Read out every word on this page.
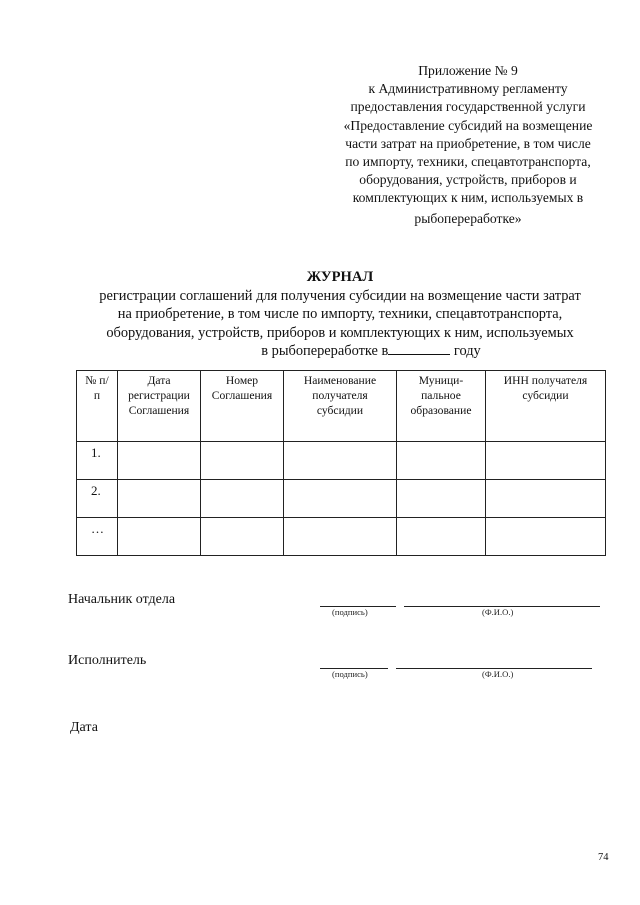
Приложение № 9
к Административному регламенту
предоставления государственной услуги
«Предоставление субсидий на возмещение
части затрат на приобретение, в том числе
по импорту, техники, спецавтотранспорта,
оборудования, устройств, приборов и
комплектующих к ним, используемых в
рыбопереработке»
ЖУРНАЛ
регистрации соглашений для получения субсидии на возмещение части затрат
на приобретение, в том числе по импорту, техники, спецавтотранспорта,
оборудования, устройств, приборов и комплектующих к ним, используемых
в рыбопереработке в	году
№ п/п	Дата регистрации Соглашения	Номер Соглашения	Наименование получателя субсидии	Муници-пальное образование	ИНН получателя субсидии
1.					
2.					
…					
Начальник отдела
(подпись)	(Ф.И.О.)
Исполнитель
(подпись)	(Ф.И.О.)
Дата
74
